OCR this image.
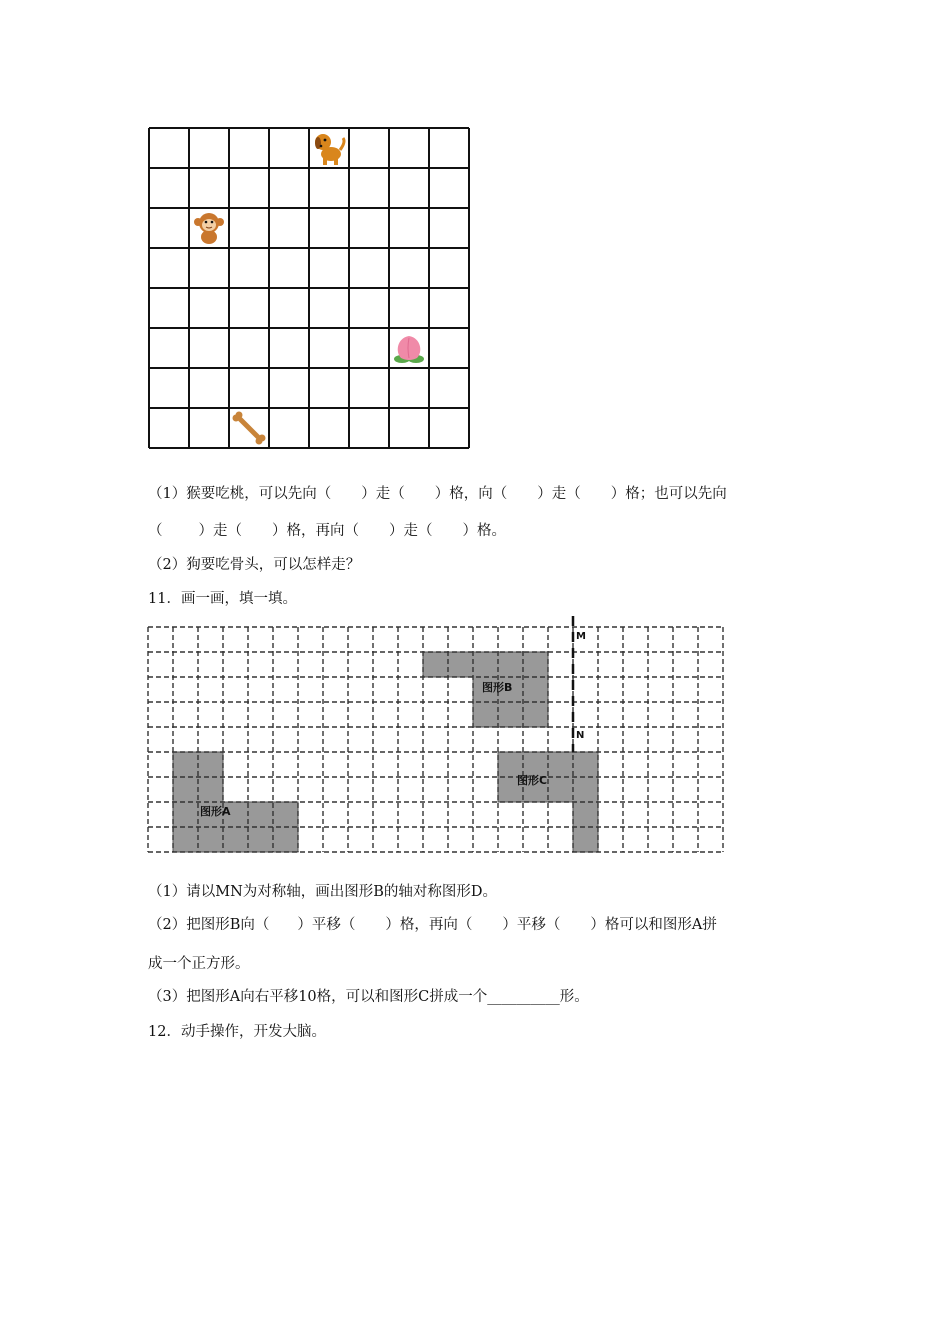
（1）猴要吃桃，可以先向（ ）走（ ）格，向（ ）走（ ）格；也可以先向
（ ）走（ ）格，再向（ ）走（ ）格。
（2）狗要吃骨头，可以怎样走？
11．画一画，填一填。
图形A
图形B
图形C
M
N
（1）请以MN为对称轴，画出图形B的轴对称图形D。
（2）把图形B向（ ）平移（ ）格，再向（ ）平移（ ）格可以和图形A拼
成一个正方形。
（3）把图形A向右平移10格，可以和图形C拼成一个__________形。
12．动手操作，开发大脑。
